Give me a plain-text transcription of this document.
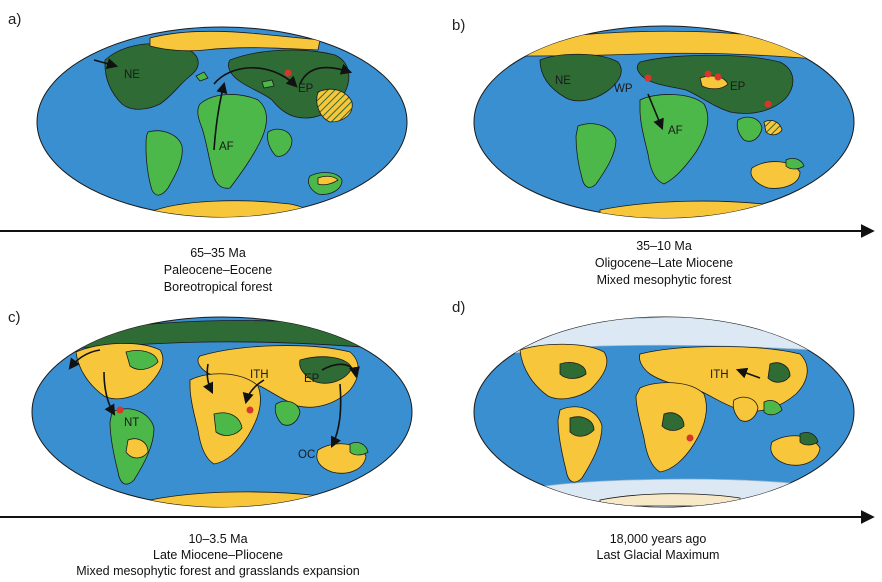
a)
NE
EP
AF
b)
NE
WP	EP
AF
c)
ITH	EP
NT
OC
d)
ITH
65–35 Ma
Paleocene–Eocene
Boreotropical forest
35–10 Ma
Oligocene–Late Miocene
Mixed mesophytic forest
10–3.5 Ma
Late Miocene–Pliocene
Mixed mesophytic forest and grasslands expansion
18,000 years ago
Last Glacial Maximum
